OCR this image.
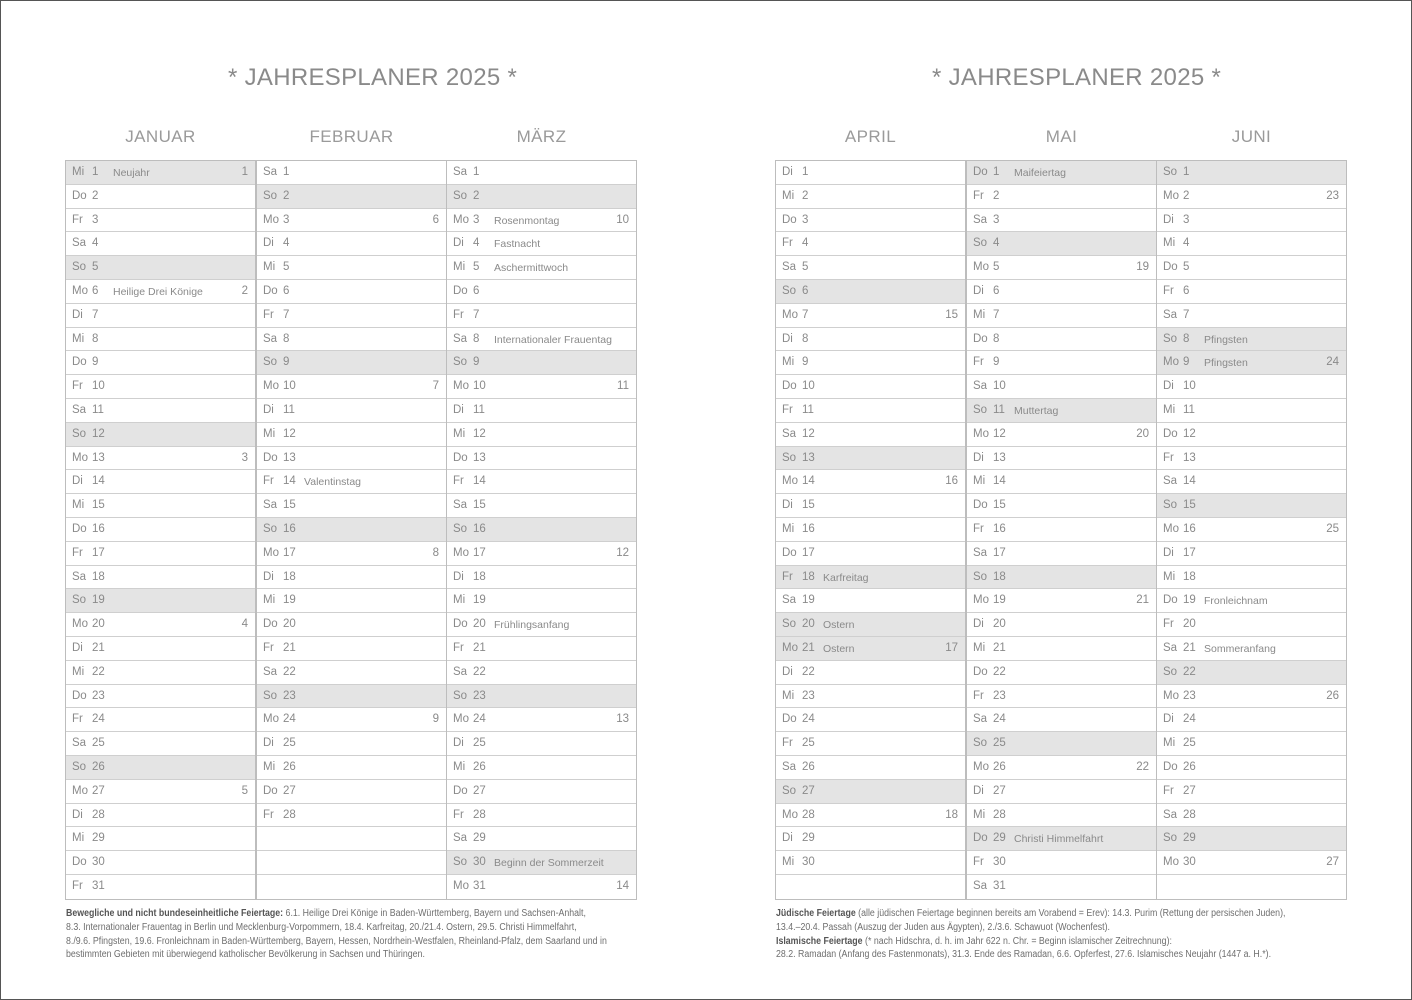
* JAHRESPLANER 2025 *
JANUAR
Mi 1 Neujahr	1
Do 2
Fr 3
Sa 4
So 5
Mo 6 Heilige Drei Könige	2
Di 7
Mi 8
Do 9
Fr 10
Sa 11
So 12
Mo 13	3
Di 14
Mi 15
Do 16
Fr 17
Sa 18
So 19
Mo 20	4
Di 21
Mi 22
Do 23
Fr 24
Sa 25
So 26
Mo 27	5
Di 28
Mi 29
Do 30
Fr 31
FEBRUAR
Sa 1
So 2
Mo 3	6
Di 4
Mi 5
Do 6
Fr 7
Sa 8
So 9
Mo 10	7
Di 11
Mi 12
Do 13
Fr 14 Valentinstag
Sa 15
So 16
Mo 17	8
Di 18
Mi 19
Do 20
Fr 21
Sa 22
So 23
Mo 24	9
Di 25
Mi 26
Do 27
Fr 28
MÄRZ
Sa 1
So 2
Mo 3 Rosenmontag	10
Di 4 Fastnacht
Mi 5 Aschermittwoch
Do 6
Fr 7
Sa 8 Internationaler Frauentag
So 9
Mo 10	11
Di 11
Mi 12
Do 13
Fr 14
Sa 15
So 16
Mo 17	12
Di 18
Mi 19
Do 20 Frühlingsanfang
Fr 21
Sa 22
So 23
Mo 24	13
Di 25
Mi 26
Do 27
Fr 28
Sa 29
So 30 Beginn der Sommerzeit
Mo 31	14
Bewegliche und nicht bundeseinheitliche Feiertage: 6.1. Heilige Drei Könige in Baden-Württemberg, Bayern und Sachsen-Anhalt,
8.3. Internationaler Frauentag in Berlin und Mecklenburg-Vorpommern, 18.4. Karfreitag, 20./21.4. Ostern, 29.5. Christi Himmelfahrt,
8./9.6. Pfingsten, 19.6. Fronleichnam in Baden-Württemberg, Bayern, Hessen, Nordrhein-Westfalen, Rheinland-Pfalz, dem Saarland und in
bestimmten Gebieten mit überwiegend katholischer Bevölkerung in Sachsen und Thüringen.
* JAHRESPLANER 2025 *
APRIL
Di 1
Mi 2
Do 3
Fr 4
Sa 5
So 6
Mo 7	15
Di 8
Mi 9
Do 10
Fr 11
Sa 12
So 13
Mo 14	16
Di 15
Mi 16
Do 17
Fr 18 Karfreitag
Sa 19
So 20 Ostern
Mo 21 Ostern	17
Di 22
Mi 23
Do 24
Fr 25
Sa 26
So 27
Mo 28	18
Di 29
Mi 30
MAI
Do 1 Maifeiertag
Fr 2
Sa 3
So 4
Mo 5	19
Di 6
Mi 7
Do 8
Fr 9
Sa 10
So 11 Muttertag
Mo 12	20
Di 13
Mi 14
Do 15
Fr 16
Sa 17
So 18
Mo 19	21
Di 20
Mi 21
Do 22
Fr 23
Sa 24
So 25
Mo 26	22
Di 27
Mi 28
Do 29 Christi Himmelfahrt
Fr 30
Sa 31
JUNI
So 1
Mo 2	23
Di 3
Mi 4
Do 5
Fr 6
Sa 7
So 8 Pfingsten
Mo 9 Pfingsten	24
Di 10
Mi 11
Do 12
Fr 13
Sa 14
So 15
Mo 16	25
Di 17
Mi 18
Do 19 Fronleichnam
Fr 20
Sa 21 Sommeranfang
So 22
Mo 23	26
Di 24
Mi 25
Do 26
Fr 27
Sa 28
So 29
Mo 30	27
Jüdische Feiertage (alle jüdischen Feiertage beginnen bereits am Vorabend = Erev): 14.3. Purim (Rettung der persischen Juden),
13.4.–20.4. Passah (Auszug der Juden aus Ägypten), 2./3.6. Schawuot (Wochenfest).
Islamische Feiertage (* nach Hidschra, d. h. im Jahr 622 n. Chr. = Beginn islamischer Zeitrechnung):
28.2. Ramadan (Anfang des Fastenmonats), 31.3. Ende des Ramadan, 6.6. Opferfest, 27.6. Islamisches Neujahr (1447 a. H.*).
